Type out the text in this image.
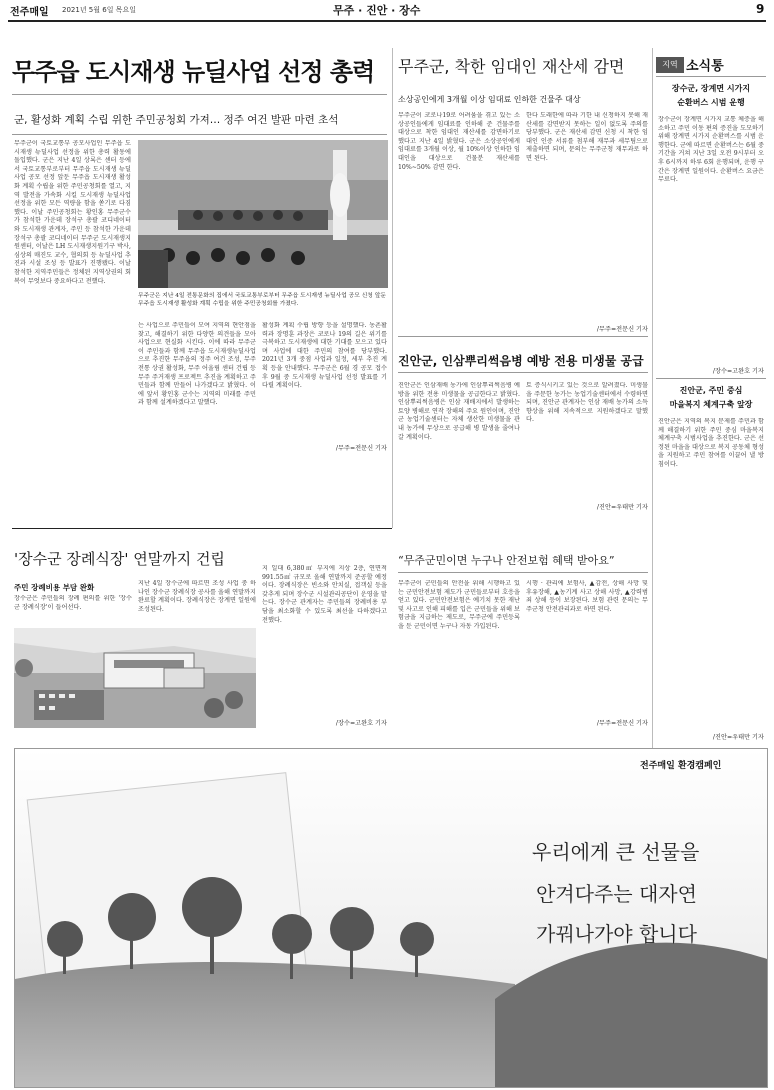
전주매일 2021년 5월 6일 목요일	무주 · 진안 · 장수	9
무주읍 도시재생 뉴딜사업 선정 총력
군, 활성화 계획 수립 위한 주민공청회 가져… 정주 여건 발판 마련 초석
무주군이 국토교통부 공모사업인 무주읍 도시재생 뉴딜사업 선정을 위한 총력 활동에 돌입했다. 군은 지난 4일 상록은 센터 등에서 국토교통부로부터 무주읍 도시재생 뉴딜사업 공모 선정 앞둔 무주읍 도시재생 활성화 계획 수립을 위한 주민공청회를 열고, 지역 발전을 가속화 시킬 도시재생 뉴딜사업 선정을 위한 모든 역량을 함을 쏟기로 다짐했다. 이날 주민공청회는 황인홍 무주군수가 참석한 가운데 장석구 총괄 코디네이터와 도시재생 관계자, 주민 등 참석한 가운데 장석구 총괄 코디네이터 무주군 도시재생지원센터, 이날은 LH 도시재생지원기구 박사, 심상의 매진도 교수, 협의회 등 뉴딜사업 추진과 시설 조성 등 발표가 진행됐다. 이날 참석한 지역주민들은 정체된 지역상권의 회복이 무엇보다 중요하다고 전했다.
무주군은 지난 4일 전통문화의 집에서 국토교통부로부터 무주읍 도시재생 뉴딜사업 공모 신청 앞둔 무주읍 도시재생 활성화 계획 수립을 위한 주민공청회를 가졌다.
는 사업으로 주민들이 모여 지역의 현안점을 찾고, 해결하기 위한 다양한 의견들을 모아 사업으로 현실화 시킨다. 이에 따라 무주군이 주민들과 함께 무주읍 도시재생뉴딜사업으로 추진한 무주읍의 정주 여건 조성, 무주 전통 상권 활성화, 무주 어울림 센터 건립 등 무주 주거재생 프로젝트 추진을 계획하고 주민들과 함께 만들어 나가겠다고 밝혔다. 이에 앞서 황인홍 군수는 지역의 미래를 주민과 함께 설계하겠다고 말했다.
활성화 계획 수립 방향 등을 설명했다. 농촌활력과 장명훈 과장은 코로나 19의 길은 위기를 극복하고 도시재생에 대한 기대를 모으고 있다며 사업에 대한 주민의 참여를 당부했다. 2021년 3개 중점 사업과 일정, 세부 추진 계획 등을 안내했다. 무주군은 6월 경 공모 접수 후 9월 중 도시재생 뉴딜사업 선정 발표를 기다릴 계획이다.
/무주=전문신 기자
무주군, 착한 임대인 재산세 감면
소상공인에게 3개월 이상 임대료 인하한 건물주 대상
무주군이 코로나19로 어려움을 겪고 있는 소상공인들에게 임대료를 인하해 준 건물주를 대상으로 착한 임대인 재산세를 감면하기로 했다고 지난 4일 밝혔다. 군은 소상공인에게 임대료를 3개월 이상, 월 10%이상 인하한 임대인을 대상으로 건물분 재산세를 10%~50% 감면 한다.
한다 도래한에 따라 기한 내 신청하지 못해 재산세를 감면받지 못하는 일이 없도록 주의를 당부했다. 군은 재산세 감면 신청 시 착한 임대인 인증 서류를 첨부해 재무과 세무팀으로 제출하면 되며, 문의는 무주군청 재무과로 하면 된다.
/무주=전문신 기자
진안군, 인삼뿌리썩음병 예방 전용 미생물 공급
진안군은 인삼재배 농가에 인삼뿌리썩음병 예방을 위한 전용 미생물을 공급한다고 밝혔다. 인삼뿌리썩음병은 인삼 재배지에서 발생하는 토양 병해로 연작 장해의 주요 원인이며, 진안군 농업기술센터는 자체 생산한 미생물을 관내 농가에 무상으로 공급해 병 발생을 줄여나갈 계획이다.
토 증식시키고 있는 것으로 알려졌다. 미생물을 주문한 농가는 농업기술센터에서 수령하면 되며, 진안군 관계자는 인삼 재배 농가의 소득 향상을 위해 지속적으로 지원하겠다고 말했다.
/진안=우태만 기자
지역 소식통
장수군, 장계면 시가지
순환버스 시범 운행
장수군이 장계면 시가지 교통 체증을 해소하고 주민 이동 편의 증진을 도모하기 위해 장계면 시가지 순환버스를 시범 운행한다. 군에 따르면 순환버스는 6월 중 기간을 거쳐 지난 3일 오전 9시부터 오후 6시까지 하루 6회 운행되며, 운행 구간은 장계면 일원이다. 순환버스 요금은 무료다.
/장수=고완호 기자
진안군, 주민 중심
마을복지 체계구축 앞장
진안군은 지역의 복지 문제를 주민과 함께 해결하기 위한 주민 중심 마을복지 체계구축 시범사업을 추진한다. 군은 선정된 마을을 대상으로 복지 공동체 형성을 지원하고 주민 참여를 이끌어 낼 방침이다.
/진안=우태만 기자
'장수군 장례식장' 연말까지 건립
주민 장례비용 부담 완화
장수군은 주민들의 장례 편의를 위한 '장수군 장례식장'이 들어선다.
지난 4일 장수군에 따르면 조성 사업 중 하나인 장수군 장례식장 공사를 올해 연말까지 완료할 계획이다. 장례식장은 장계면 일원에 조성된다.
지 일대 6,380㎡ 부지에 지상 2층, 연면적 991.55㎡ 규모로 올해 연말까지 준공할 예정이다. 장례식장은 빈소와 안치실, 접객실 등을 갖추게 되며 장수군 시설관리공단이 운영을 맡는다. 장수군 관계자는 주민들의 장례비용 부담을 최소화할 수 있도록 최선을 다하겠다고 전했다.
/장수=고완호 기자
“무주군민이면 누구나 안전보험 혜택 받아요”
무주군이 군민들의 안전을 위해 시행하고 있는 군민안전보험 제도가 군민들로부터 호응을 얻고 있다. 군민안전보험은 예기치 못한 재난 및 사고로 인해 피해를 입은 군민들을 위해 보험금을 지급하는 제도로, 무주군에 주민등록을 둔 군민이면 누구나 자동 가입된다.
시행 · 관리에 보험사, ▲감전, 상해 사망 및 후유장해, ▲농기계 사고 상해 사망, ▲강력범죄 상해 등이 보장된다. 보험 관련 문의는 무주군청 안전관리과로 하면 된다.
/무주=전문신 기자
전주매일 환경캠페인
우리에게 큰 선물을
안겨다주는 대자연
가꿔나가야 합니다
